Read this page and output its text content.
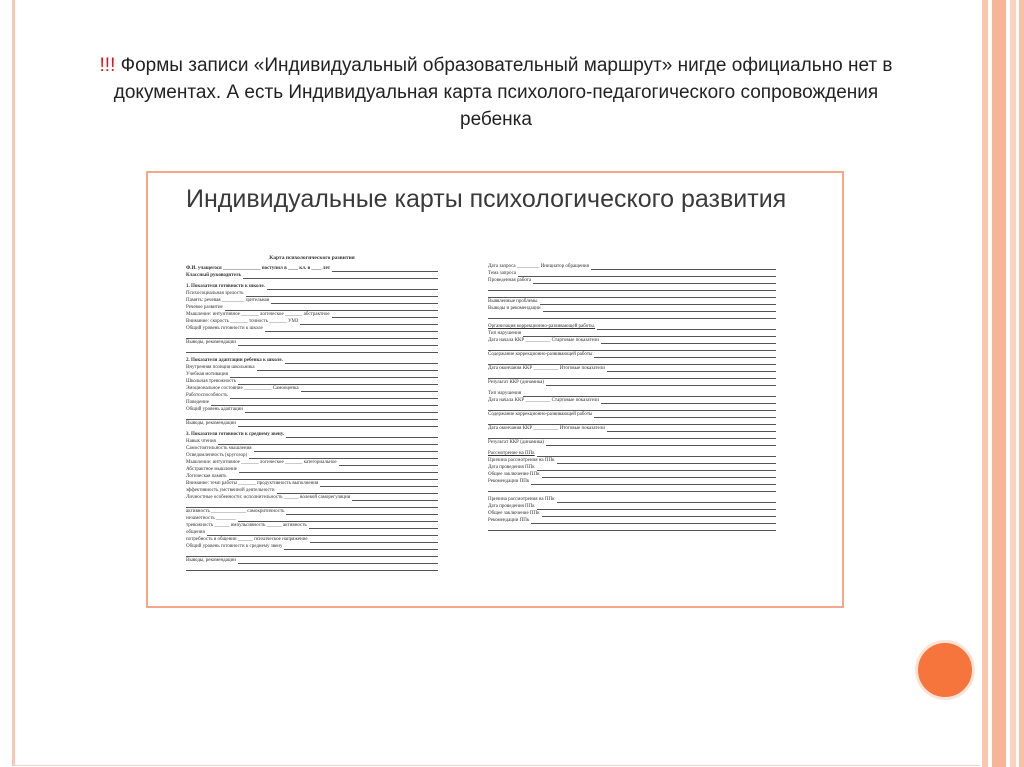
!!! Формы записи «Индивидуальный образовательный маршрут» нигде официально нет в документах. А есть Индивидуальная карта психолого-педагогического сопровождения ребенка
Индивидуальные карты психологического развития
Карта психологического развития
Ф.И. учащегося _______________ поступил в ____ кл. в ____ лет
Классный руководитель
1. Показатели готовности к школе.
Психосоциальная зрелость
Память: речевая _________ зрительная
Речевое развитие
Мышление: интуитивное _______ логическое _______ абстрактное
Внимание: скорость _______ точность _______ УМЗ
Общий уровень готовности к школе
Выводы, рекомендации
2. Показатели адаптации ребенка к школе.
Внутренняя позиция школьника
Учебная мотивация
Школьная тревожность
Эмоциональное состояние ___________ Самооценка
Работоспособность
Поведение
Общий уровень адаптации
Выводы, рекомендации
3. Показатели готовности к среднему звену.
Навык чтения
Самостоятельность мышления
Осведомленность (кругозор)
Мышление: интуитивное _______ логическое _______ категориальное
Абстрактное мышление
Логическая память
Внимание: темп работы _______ продуктивность выполнения
эффективность умственной деятельности
Личностные особенности: исполнительность ______ волевой саморегуляции
активность ______________ самокритичность
незаметность ________
тревожность ______ импульсивность ______ активность
общения
потребность в общении ______ психическое напряжение
Общий уровень готовности к среднему звену
Выводы, рекомендации
Дата запроса _________ Инициатор обращения
Тема запроса
Проведенная работа
Выявленные проблемы
Выводы и рекомендации
Организация коррекционно-развивающей работы.
Тип нарушения
Дата начала ККР __________ Стартовые показатели
Содержание коррекционно-развивающей работы
Дата окончания ККР __________ Итоговые показатели
Результат ККР (динамика)
Тип нарушения
Дата начала ККР __________ Стартовые показатели
Содержание коррекционно-развивающей работы
Дата окончания ККР __________ Итоговые показатели
Результат ККР (динамика)
Рассмотрение на ППк
Причина рассмотрения на ППк
Дата проведения ППк
Общее заключение ППк
Рекомендации ППк
Причина рассмотрения на ППк
Дата проведения ППк
Общее заключение ППк
Рекомендации ППк
